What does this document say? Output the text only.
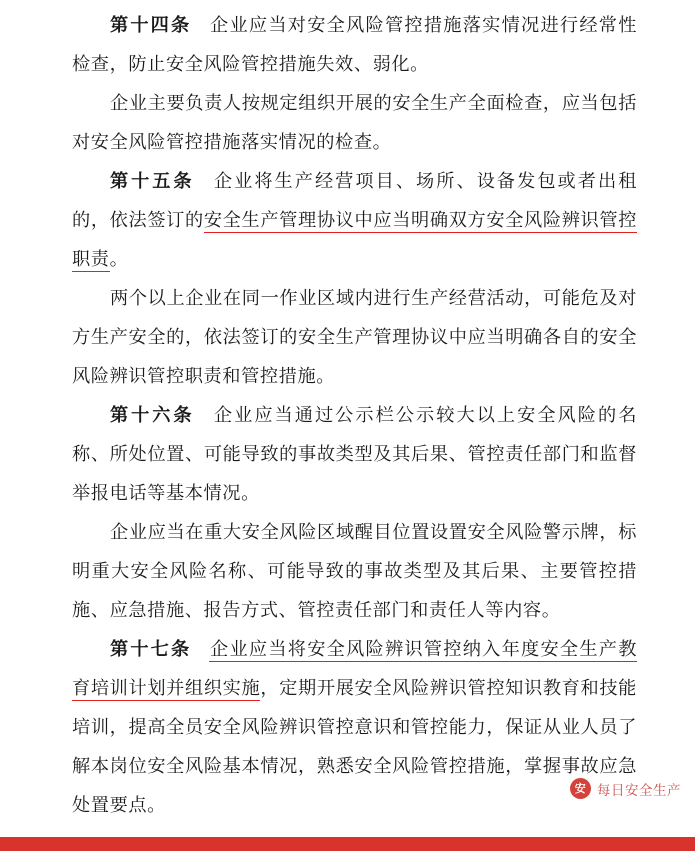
第十四条 企业应当对安全风险管控措施落实情况进行经常性检查，防止安全风险管控措施失效、弱化。

企业主要负责人按规定组织开展的安全生产全面检查，应当包括对安全风险管控措施落实情况的检查。

第十五条 企业将生产经营项目、场所、设备发包或者出租的，依法签订的安全生产管理协议中应当明确双方安全风险辨识管控职责。

两个以上企业在同一作业区域内进行生产经营活动，可能危及对方生产安全的，依法签订的安全生产管理协议中应当明确各自的安全风险辨识管控职责和管控措施。

第十六条 企业应当通过公示栏公示较大以上安全风险的名称、所处位置、可能导致的事故类型及其后果、管控责任部门和监督举报电话等基本情况。

企业应当在重大安全风险区域醒目位置设置安全风险警示牌，标明重大安全风险名称、可能导致的事故类型及其后果、主要管控措施、应急措施、报告方式、管控责任部门和责任人等内容。

第十七条 企业应当将安全风险辨识管控纳入年度安全生产教育培训计划并组织实施，定期开展安全风险辨识管控知识教育和技能培训，提高全员安全风险辨识管控意识和管控能力，保证从业人员了解本岗位安全风险基本情况，熟悉安全风险管控措施，掌握事故应急处置要点。

安 每日安全生产
